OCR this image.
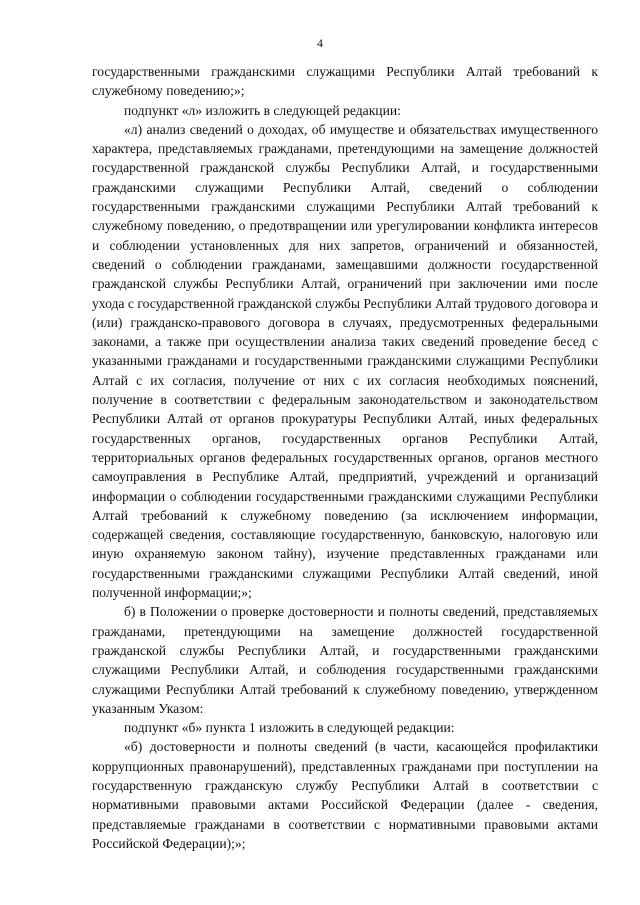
4

государственными гражданскими служащими Республики Алтай требований к служебному поведению;»;

подпункт «л» изложить в следующей редакции:

«л) анализ сведений о доходах, об имуществе и обязательствах имущественного характера, представляемых гражданами, претендующими на замещение должностей государственной гражданской службы Республики Алтай, и государственными гражданскими служащими Республики Алтай, сведений о соблюдении государственными гражданскими служащими Республики Алтай требований к служебному поведению, о предотвращении или урегулировании конфликта интересов и соблюдении установленных для них запретов, ограничений и обязанностей, сведений о соблюдении гражданами, замещавшими должности государственной гражданской службы Республики Алтай, ограничений при заключении ими после ухода с государственной гражданской службы Республики Алтай трудового договора и (или) гражданско-правового договора в случаях, предусмотренных федеральными законами, а также при осуществлении анализа таких сведений проведение бесед с указанными гражданами и государственными гражданскими служащими Республики Алтай с их согласия, получение от них с их согласия необходимых пояснений, получение в соответствии с федеральным законодательством и законодательством Республики Алтай от органов прокуратуры Республики Алтай, иных федеральных государственных органов, государственных органов Республики Алтай, территориальных органов федеральных государственных органов, органов местного самоуправления в Республике Алтай, предприятий, учреждений и организаций информации о соблюдении государственными гражданскими служащими Республики Алтай требований к служебному поведению (за исключением информации, содержащей сведения, составляющие государственную, банковскую, налоговую или иную охраняемую законом тайну), изучение представленных гражданами или государственными гражданскими служащими Республики Алтай сведений, иной полученной информации;»;

б) в Положении о проверке достоверности и полноты сведений, представляемых гражданами, претендующими на замещение должностей государственной гражданской службы Республики Алтай, и государственными гражданскими служащими Республики Алтай, и соблюдения государственными гражданскими служащими Республики Алтай требований к служебному поведению, утвержденном указанным Указом:

подпункт «б» пункта 1 изложить в следующей редакции:

«б) достоверности и полноты сведений (в части, касающейся профилактики коррупционных правонарушений), представленных гражданами при поступлении на государственную гражданскую службу Республики Алтай в соответствии с нормативными правовыми актами Российской Федерации (далее - сведения, представляемые гражданами в соответствии с нормативными правовыми актами Российской Федерации);»;
